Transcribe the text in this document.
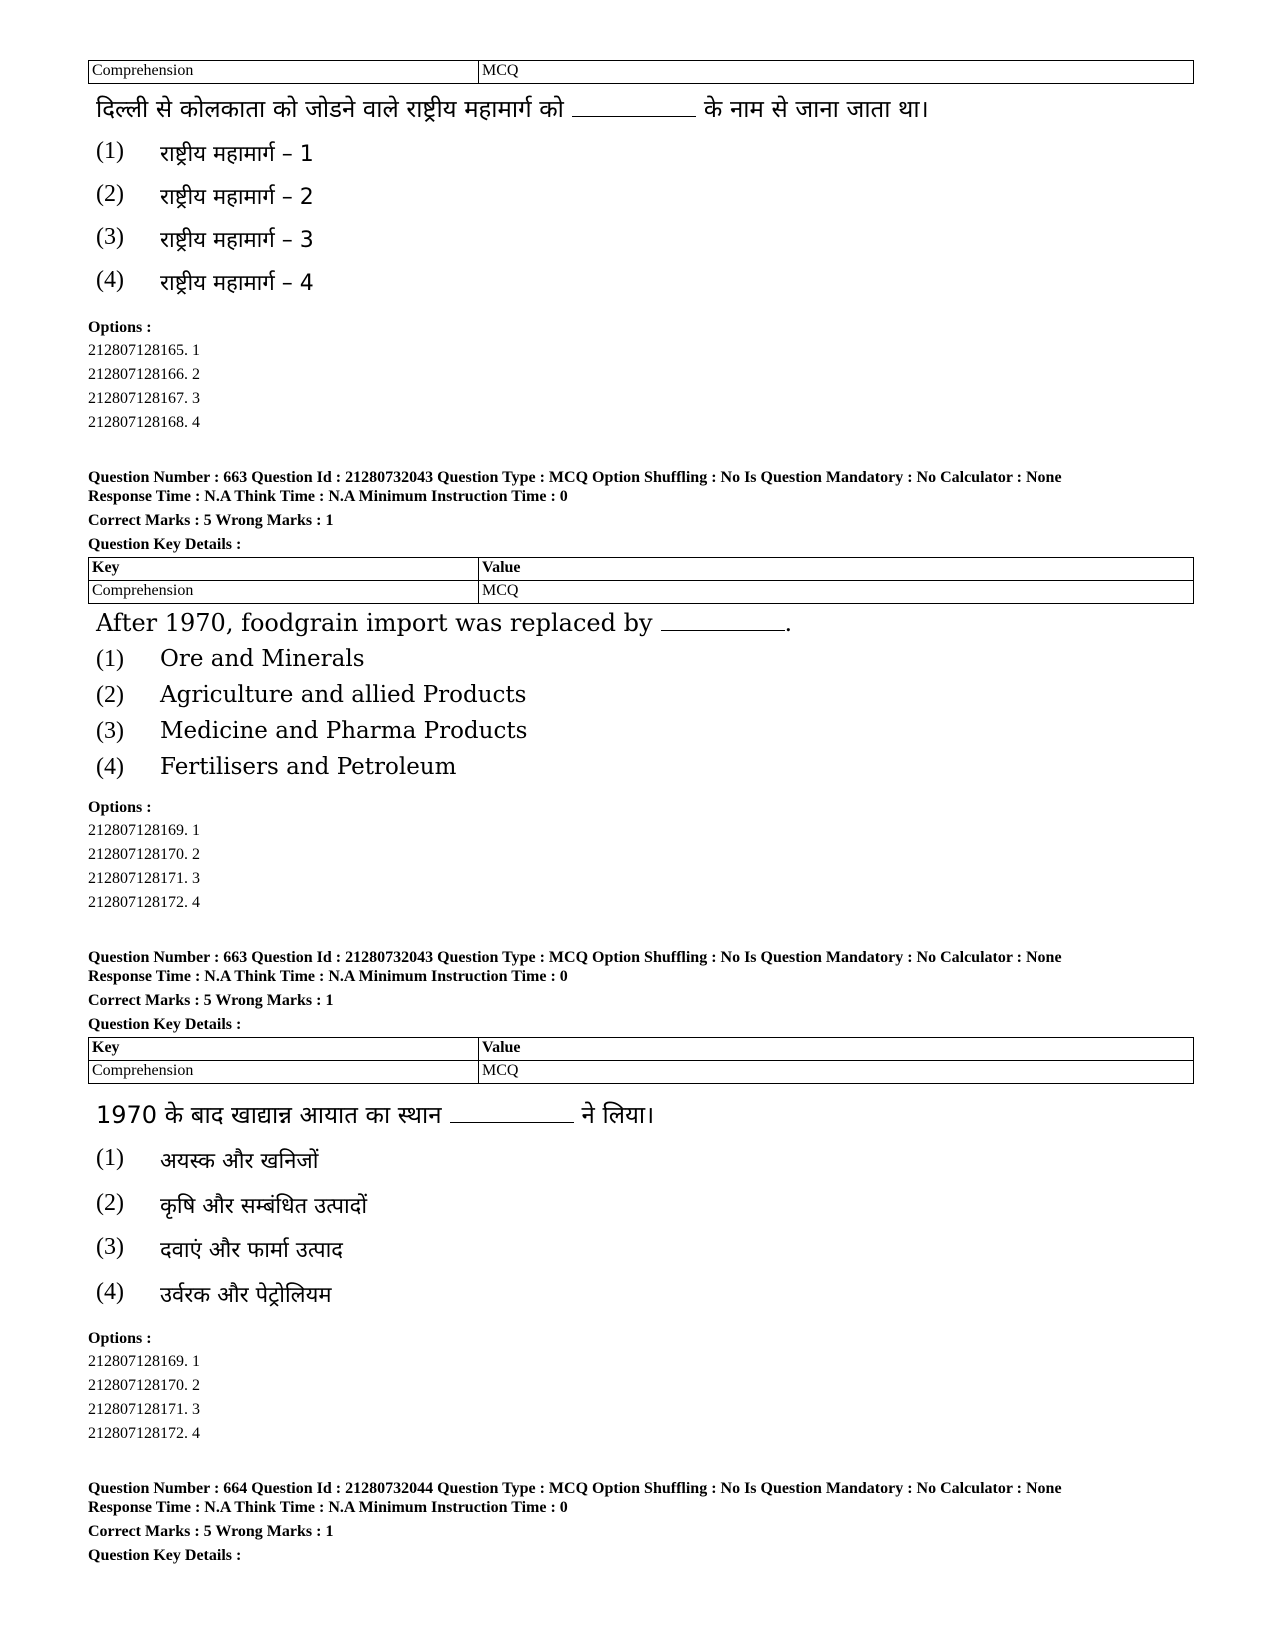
Comprehension	MCQ
दिल्ली से कोलकाता को जोडने वाले राष्ट्रीय महामार्ग को	के नाम से जाना जाता था।
(1) राष्ट्रीय महामार्ग – 1
(2) राष्ट्रीय महामार्ग – 2
(3) राष्ट्रीय महामार्ग – 3
(4) राष्ट्रीय महामार्ग – 4
Options :
212807128165. 1
212807128166. 2
212807128167. 3
212807128168. 4
Question Number : 663 Question Id : 21280732043 Question Type : MCQ Option Shuffling : No Is Question Mandatory : No Calculator : None
Response Time : N.A Think Time : N.A Minimum Instruction Time : 0
Correct Marks : 5 Wrong Marks : 1
Question Key Details :
Key	Value
Comprehension	MCQ
After 1970, foodgrain import was replaced by	.
(1) Ore and Minerals
(2) Agriculture and allied Products
(3) Medicine and Pharma Products
(4) Fertilisers and Petroleum
Options :
212807128169. 1
212807128170. 2
212807128171. 3
212807128172. 4
Question Number : 663 Question Id : 21280732043 Question Type : MCQ Option Shuffling : No Is Question Mandatory : No Calculator : None
Response Time : N.A Think Time : N.A Minimum Instruction Time : 0
Correct Marks : 5 Wrong Marks : 1
Question Key Details :
Key	Value
Comprehension	MCQ
1970 के बाद खाद्यान्न आयात का स्थान	ने लिया।
(1) अयस्क और खनिजों
(2) कृषि और सम्बंधित उत्पादों
(3) दवाएं और फार्मा उत्पाद
(4) उर्वरक और पेट्रोलियम
Options :
212807128169. 1
212807128170. 2
212807128171. 3
212807128172. 4
Question Number : 664 Question Id : 21280732044 Question Type : MCQ Option Shuffling : No Is Question Mandatory : No Calculator : None
Response Time : N.A Think Time : N.A Minimum Instruction Time : 0
Correct Marks : 5 Wrong Marks : 1
Question Key Details :
